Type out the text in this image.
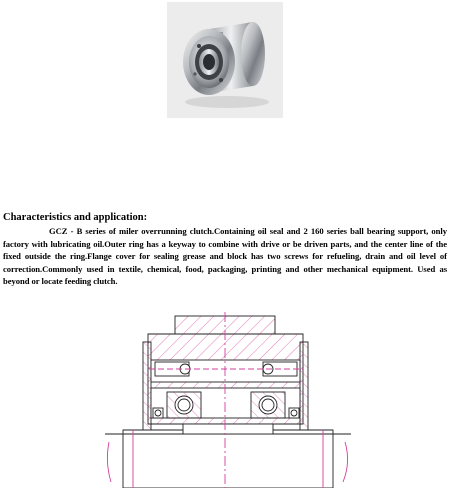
Characteristics and application:

GCZ - B series of miler overrunning clutch.Containing oil seal and 2 160 series ball bearing support, only factory with lubricating oil.Outer ring has a keyway to combine with drive or be driven parts, and the center line of the fixed outside the ring.Flange cover for sealing grease and block has two screws for refueling, drain and oil level of correction.Commonly used in textile, chemical, food, packaging, printing and other mechanical equipment. Used as beyond or locate feeding clutch.
